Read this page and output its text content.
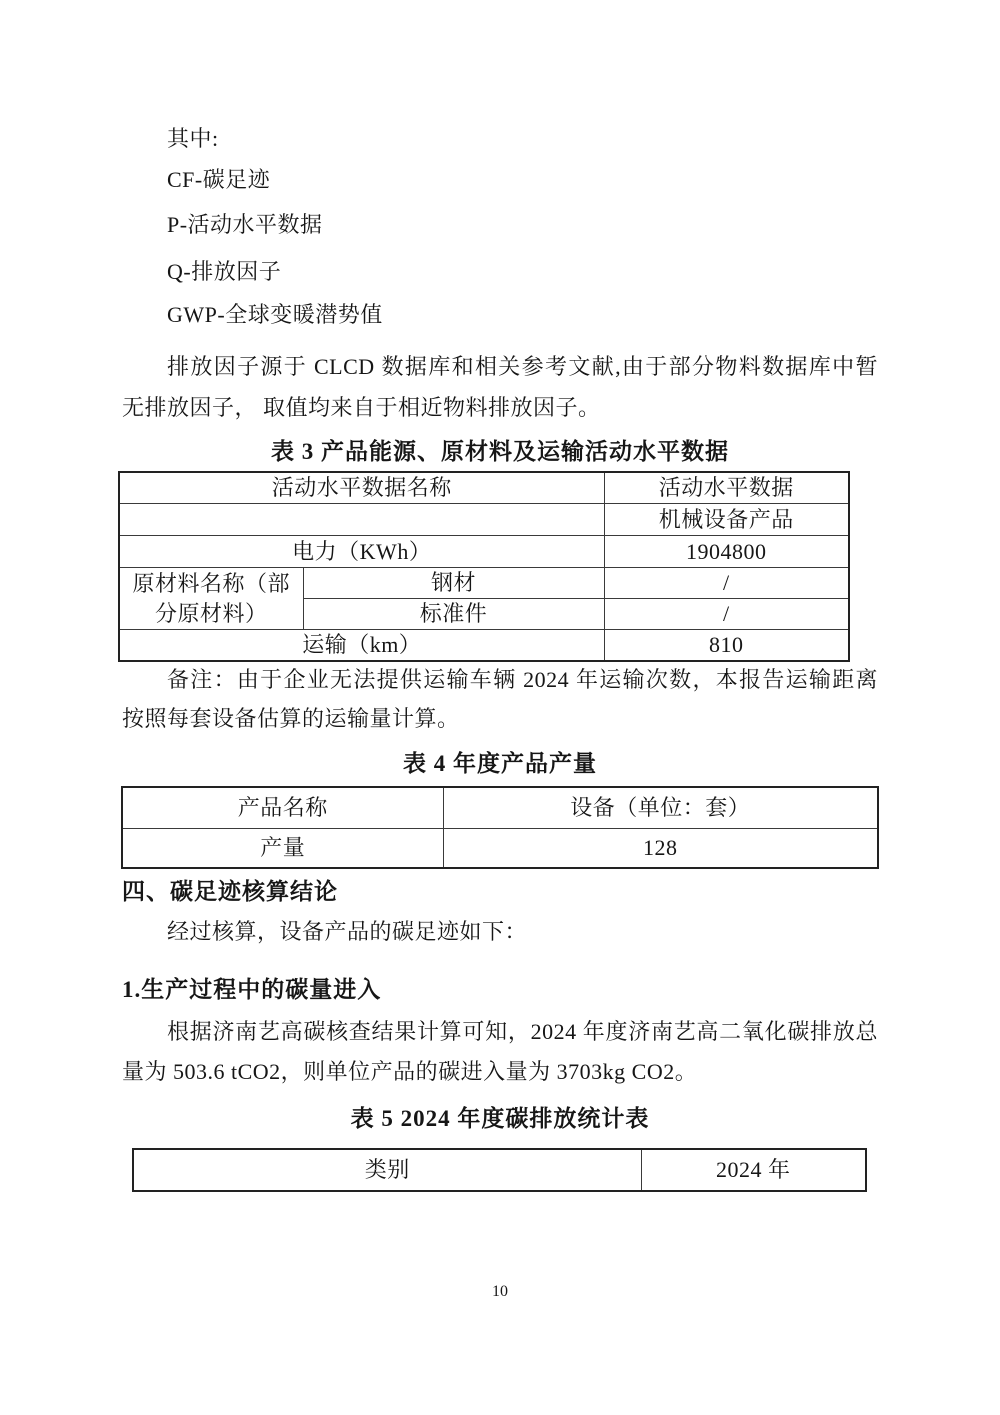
其中:
CF-碳足迹
P-活动水平数据
Q-排放因子
GWP-全球变暖潜势值
排放因子源于 CLCD 数据库和相关参考文献,由于部分物料数据库中暂
无排放因子， 取值均来自于相近物料排放因子。
表 3 产品能源、原材料及运输活动水平数据
活动水平数据名称		活动水平数据
		机械设备产品
电力（KWh）		1904800
原材料名称（部分原材料）	钢材	/
	标准件	/
运输（km）		810
备注：由于企业无法提供运输车辆 2024 年运输次数，本报告运输距离
按照每套设备估算的运输量计算。
表 4 年度产品产量
产品名称	设备（单位：套）
产量	128
四、碳足迹核算结论
经过核算，设备产品的碳足迹如下：
1.生产过程中的碳量进入
根据济南艺高碳核查结果计算可知，2024 年度济南艺高二氧化碳排放总
量为 503.6 tCO2，则单位产品的碳进入量为 3703kg CO2。
表 5 2024 年度碳排放统计表
类别	2024 年
10
